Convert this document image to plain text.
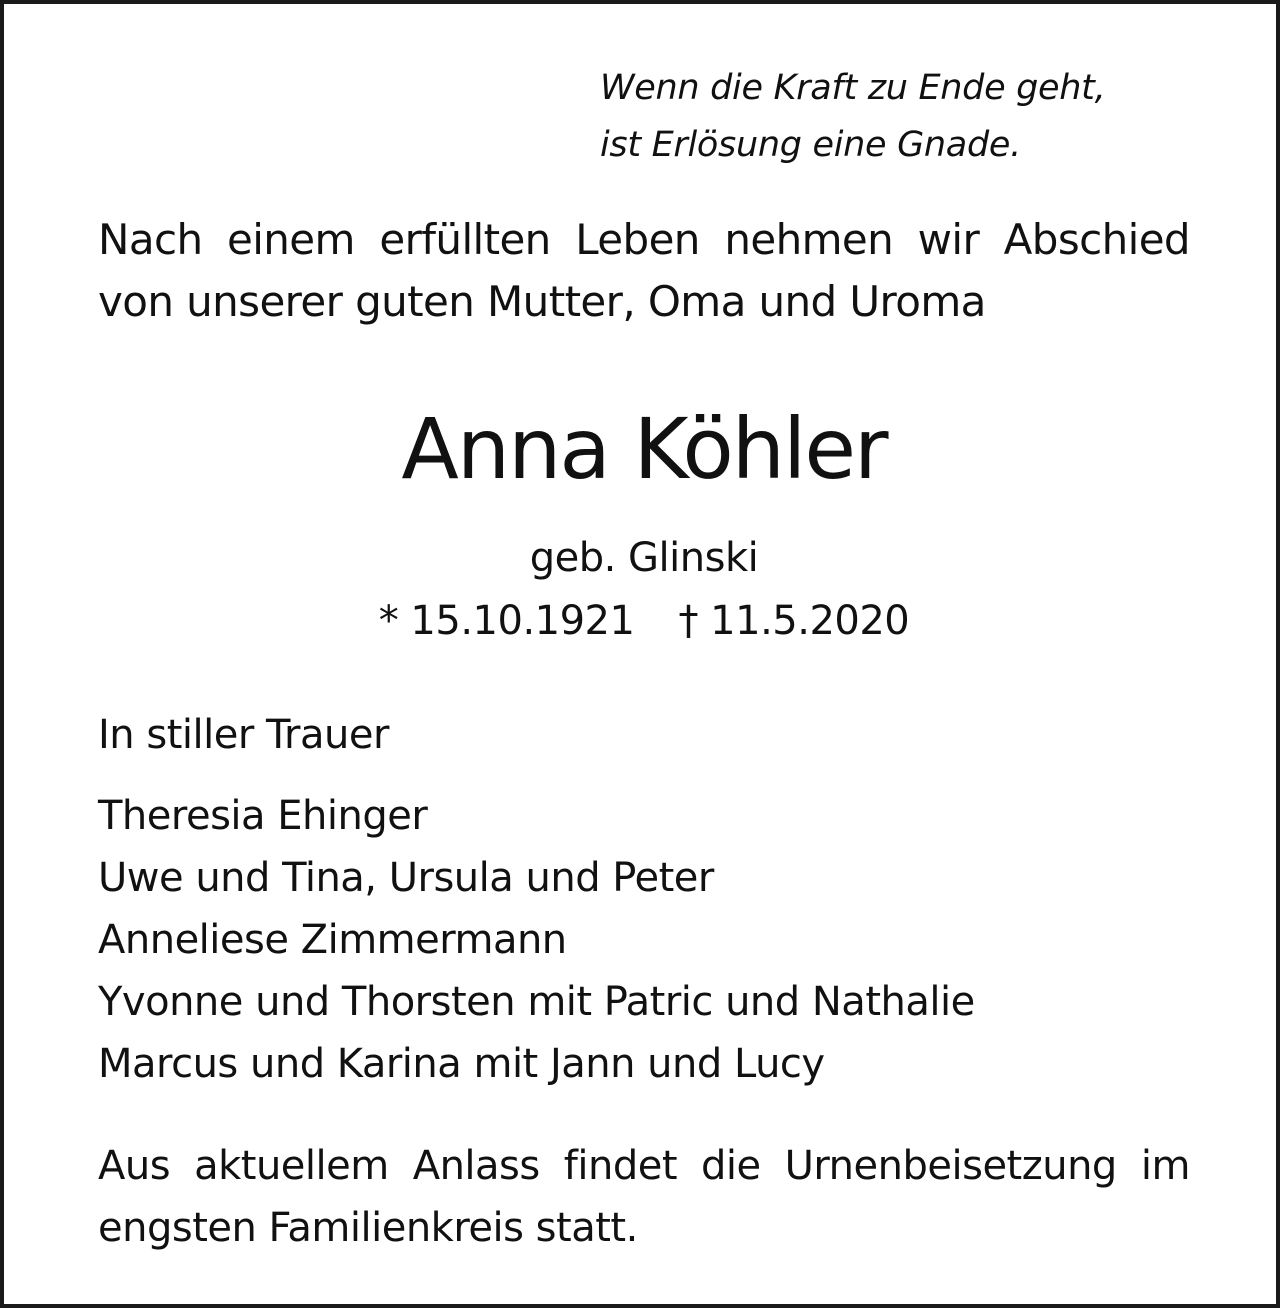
Wenn die Kraft zu Ende geht,
ist Erlösung eine Gnade.
Nach einem erfüllten Leben nehmen wir Abschied
von unserer guten Mutter, Oma und Uroma
Anna Köhler
geb. Glinski
* 15.10.1921 † 11.5.2020
In stiller Trauer
Theresia Ehinger
Uwe und Tina, Ursula und Peter
Anneliese Zimmermann
Yvonne und Thorsten mit Patric und Nathalie
Marcus und Karina mit Jann und Lucy
Aus aktuellem Anlass findet die Urnenbeisetzung im
engsten Familienkreis statt.
